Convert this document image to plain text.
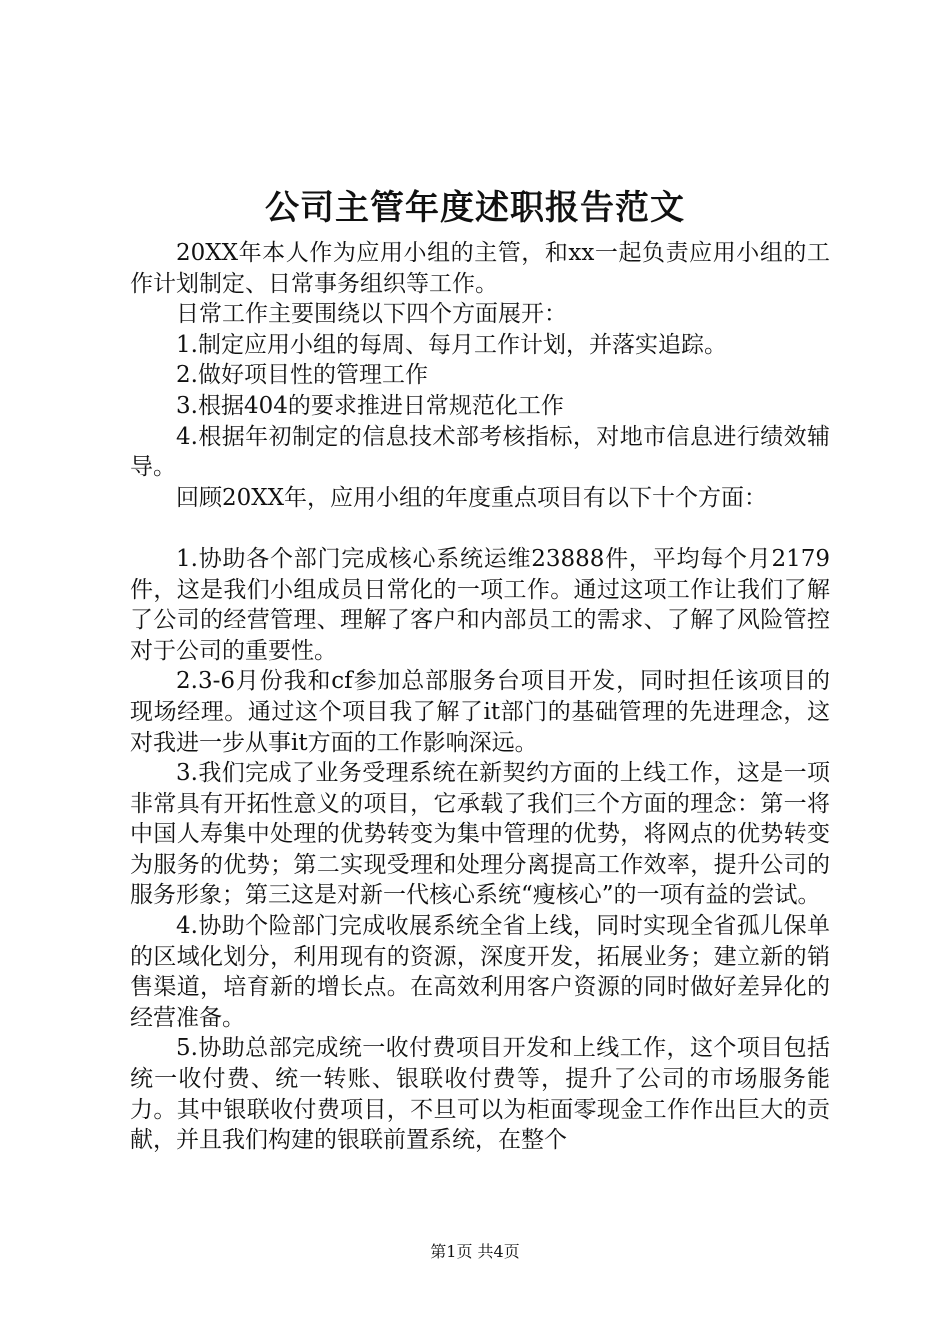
公司主管年度述职报告范文

20XX年本人作为应用小组的主管，和xx一起负责应用小组的工作计划制定、日常事务组织等工作。

日常工作主要围绕以下四个方面展开：

1.制定应用小组的每周、每月工作计划，并落实追踪。

2.做好项目性的管理工作

3.根据404的要求推进日常规范化工作

4.根据年初制定的信息技术部考核指标，对地市信息进行绩效辅导。

回顾20XX年，应用小组的年度重点项目有以下十个方面：

1.协助各个部门完成核心系统运维23888件，平均每个月2179件，这是我们小组成员日常化的一项工作。通过这项工作让我们了解了公司的经营管理、理解了客户和内部员工的需求、了解了风险管控对于公司的重要性。

2.3-6月份我和cf参加总部服务台项目开发，同时担任该项目的现场经理。通过这个项目我了解了it部门的基础管理的先进理念，这对我进一步从事it方面的工作影响深远。

3.我们完成了业务受理系统在新契约方面的上线工作，这是一项非常具有开拓性意义的项目，它承载了我们三个方面的理念：第一将中国人寿集中处理的优势转变为集中管理的优势，将网点的优势转变为服务的优势；第二实现受理和处理分离提高工作效率，提升公司的服务形象；第三这是对新一代核心系统“瘦核心”的一项有益的尝试。

4.协助个险部门完成收展系统全省上线，同时实现全省孤儿保单的区域化划分，利用现有的资源，深度开发，拓展业务；建立新的销售渠道，培育新的增长点。在高效利用客户资源的同时做好差异化的经营准备。

5.协助总部完成统一收付费项目开发和上线工作，这个项目包括统一收付费、统一转账、银联收付费等，提升了公司的市场服务能力。其中银联收付费项目，不旦可以为柜面零现金工作作出巨大的贡献，并且我们构建的银联前置系统，在整个

第1页 共4页
